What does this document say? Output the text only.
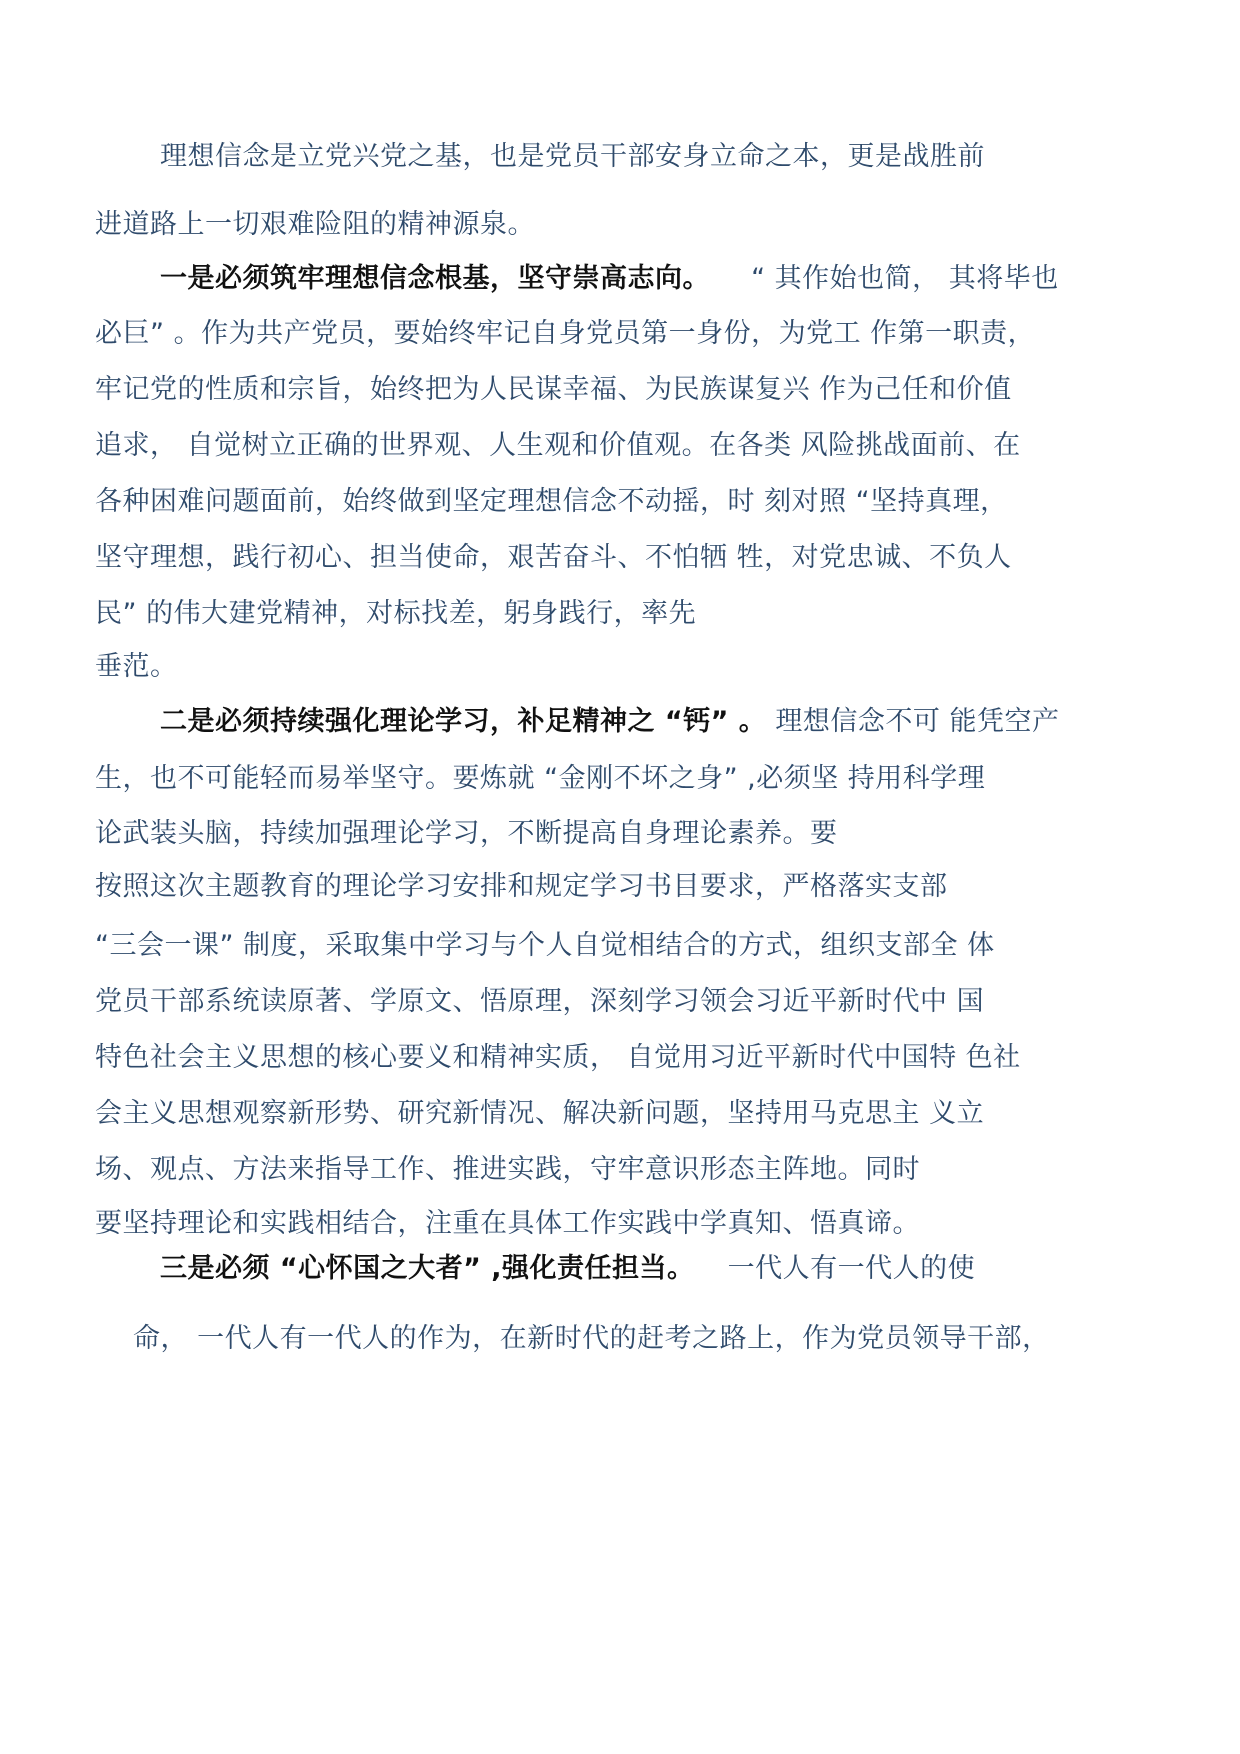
理想信念是立党兴党之基，也是党员干部安身立命之本，更是战胜前
进道路上一切艰难险阻的精神源泉。
一是必须筑牢理想信念根基，坚守崇高志向。 “ 其作始也简， 其将毕也
必巨” 。作为共产党员，要始终牢记自身党员第一身份，为党工 作第一职责，
牢记党的性质和宗旨，始终把为人民谋幸福、为民族谋复兴 作为己任和价值
追求， 自觉树立正确的世界观、人生观和价值观。在各类 风险挑战面前、在
各种困难问题面前，始终做到坚定理想信念不动摇，时 刻对照 “坚持真理，
坚守理想，践行初心、担当使命，艰苦奋斗、不怕牺 牲，对党忠诚、不负人
民” 的伟大建党精神，对标找差，躬身践行，率先
垂范。
二是必须持续强化理论学习，补足精神之 “钙” 。 理想信念不可 能凭空产
生，也不可能轻而易举坚守。要炼就 “金刚不坏之身” ,必须坚 持用科学理
论武装头脑，持续加强理论学习，不断提高自身理论素养。要
按照这次主题教育的理论学习安排和规定学习书目要求，严格落实支部
“三会一课” 制度，采取集中学习与个人自觉相结合的方式，组织支部全 体
党员干部系统读原著、学原文、悟原理，深刻学习领会习近平新时代中 国
特色社会主义思想的核心要义和精神实质， 自觉用习近平新时代中国特 色社
会主义思想观察新形势、研究新情况、解决新问题，坚持用马克思主 义立
场、观点、方法来指导工作、推进实践，守牢意识形态主阵地。同时
要坚持理论和实践相结合，注重在具体工作实践中学真知、悟真谛。
三是必须 “心怀国之大者” ,强化责任担当。 一代人有一代人的使
命， 一代人有一代人的作为，在新时代的赶考之路上，作为党员领导干部，
